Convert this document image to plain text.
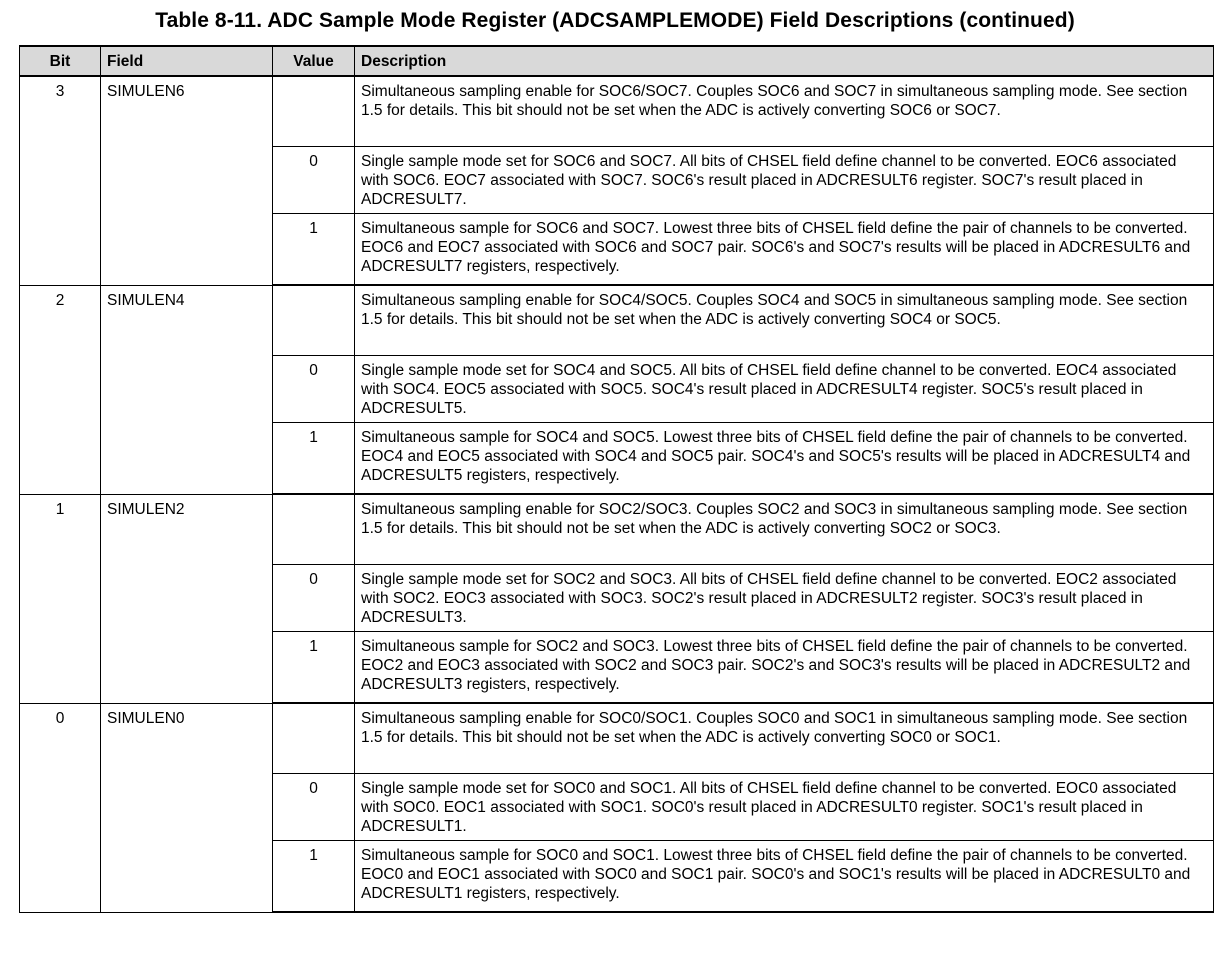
Table 8-11. ADC Sample Mode Register (ADCSAMPLEMODE) Field Descriptions (continued)
Bit	Field	Value	Description
3	SIMULEN6		Simultaneous sampling enable for SOC6/SOC7. Couples SOC6 and SOC7 in simultaneous sampling mode. See section 1.5 for details. This bit should not be set when the ADC is actively converting SOC6 or SOC7.
		0	Single sample mode set for SOC6 and SOC7. All bits of CHSEL field define channel to be converted. EOC6 associated with SOC6. EOC7 associated with SOC7. SOC6's result placed in ADCRESULT6 register. SOC7's result placed in ADCRESULT7.
		1	Simultaneous sample for SOC6 and SOC7. Lowest three bits of CHSEL field define the pair of channels to be converted. EOC6 and EOC7 associated with SOC6 and SOC7 pair. SOC6's and SOC7's results will be placed in ADCRESULT6 and ADCRESULT7 registers, respectively.
2	SIMULEN4		Simultaneous sampling enable for SOC4/SOC5. Couples SOC4 and SOC5 in simultaneous sampling mode. See section 1.5 for details. This bit should not be set when the ADC is actively converting SOC4 or SOC5.
		0	Single sample mode set for SOC4 and SOC5. All bits of CHSEL field define channel to be converted. EOC4 associated with SOC4. EOC5 associated with SOC5. SOC4's result placed in ADCRESULT4 register. SOC5's result placed in ADCRESULT5.
		1	Simultaneous sample for SOC4 and SOC5. Lowest three bits of CHSEL field define the pair of channels to be converted. EOC4 and EOC5 associated with SOC4 and SOC5 pair. SOC4's and SOC5's results will be placed in ADCRESULT4 and ADCRESULT5 registers, respectively.
1	SIMULEN2		Simultaneous sampling enable for SOC2/SOC3. Couples SOC2 and SOC3 in simultaneous sampling mode. See section 1.5 for details. This bit should not be set when the ADC is actively converting SOC2 or SOC3.
		0	Single sample mode set for SOC2 and SOC3. All bits of CHSEL field define channel to be converted. EOC2 associated with SOC2. EOC3 associated with SOC3. SOC2's result placed in ADCRESULT2 register. SOC3's result placed in ADCRESULT3.
		1	Simultaneous sample for SOC2 and SOC3. Lowest three bits of CHSEL field define the pair of channels to be converted. EOC2 and EOC3 associated with SOC2 and SOC3 pair. SOC2's and SOC3's results will be placed in ADCRESULT2 and ADCRESULT3 registers, respectively.
0	SIMULEN0		Simultaneous sampling enable for SOC0/SOC1. Couples SOC0 and SOC1 in simultaneous sampling mode. See section 1.5 for details. This bit should not be set when the ADC is actively converting SOC0 or SOC1.
		0	Single sample mode set for SOC0 and SOC1. All bits of CHSEL field define channel to be converted. EOC0 associated with SOC0. EOC1 associated with SOC1. SOC0's result placed in ADCRESULT0 register. SOC1's result placed in ADCRESULT1.
		1	Simultaneous sample for SOC0 and SOC1. Lowest three bits of CHSEL field define the pair of channels to be converted. EOC0 and EOC1 associated with SOC0 and SOC1 pair. SOC0's and SOC1's results will be placed in ADCRESULT0 and ADCRESULT1 registers, respectively.
